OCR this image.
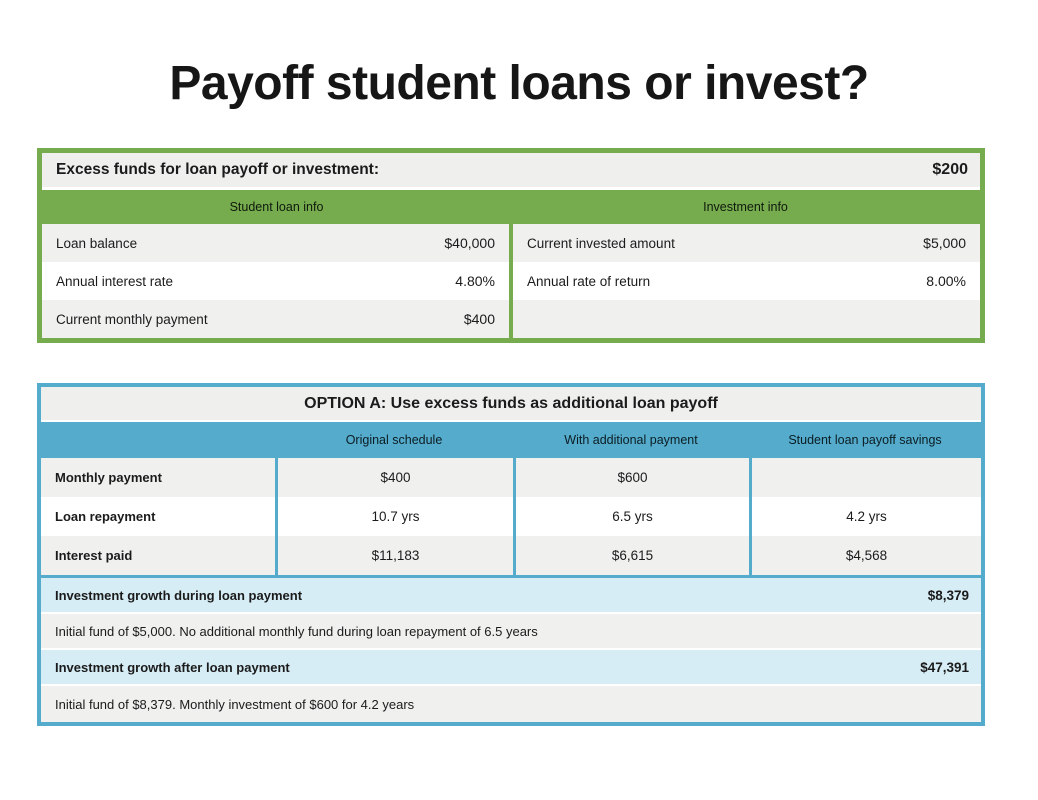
Payoff student loans or invest?
Excess funds for loan payoff or investment:	$200
Student loan info	Investment info
Loan balance	$40,000
Annual interest rate	4.80%
Current monthly payment	$400
Current invested amount	$5,000
Annual rate of return	8.00%
OPTION A: Use excess funds as additional loan payoff
Original schedule	With additional payment	Student loan payoff savings
Monthly payment	$400	$600
Loan repayment	10.7 yrs	6.5 yrs	4.2 yrs
Interest paid	$11,183	$6,615	$4,568
Investment growth during loan payment	$8,379
Initial fund of $5,000. No additional monthly fund during loan repayment of 6.5 years
Investment growth after loan payment	$47,391
Initial fund of $8,379. Monthly investment of $600 for 4.2 years
